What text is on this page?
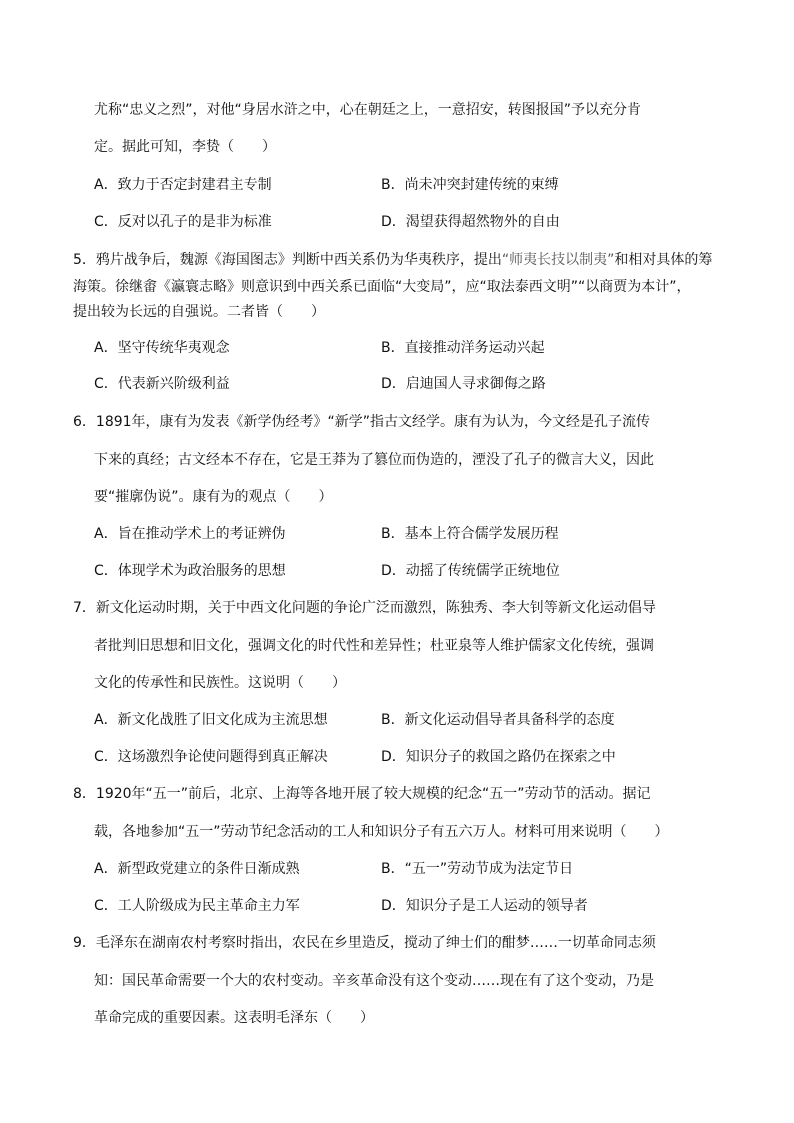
尤称“忠义之烈”，对他“身居水浒之中，心在朝廷之上，一意招安，转图报国”予以充分肯
定。据此可知，李贽（　　）
A．致力于否定封建君主专制	B．尚未冲突封建传统的束缚
C．反对以孔子的是非为标准	D．渴望获得超然物外的自由
5．鸦片战争后，魏源《海国图志》判断中西关系仍为华夷秩序，提出“师夷长技以制夷”和相对具体的筹
海策。徐继畬《瀛寰志略》则意识到中西关系已面临“大变局”，应“取法泰西文明”“以商贾为本计”，
提出较为长远的自强说。二者皆（　　）
A．坚守传统华夷观念	B．直接推动洋务运动兴起
C．代表新兴阶级利益	D．启迪国人寻求御侮之路
6．1891年，康有为发表《新学伪经考》“新学”指古文经学。康有为认为，今文经是孔子流传
下来的真经；古文经本不存在，它是王莽为了篡位而伪造的，湮没了孔子的微言大义，因此
要“摧廓伪说”。康有为的观点（　　）
A．旨在推动学术上的考证辨伪	B．基本上符合儒学发展历程
C．体现学术为政治服务的思想	D．动摇了传统儒学正统地位
7．新文化运动时期，关于中西文化问题的争论广泛而激烈，陈独秀、李大钊等新文化运动倡导
者批判旧思想和旧文化，强调文化的时代性和差异性；杜亚泉等人维护儒家文化传统，强调
文化的传承性和民族性。这说明（　　）
A．新文化战胜了旧文化成为主流思想	B．新文化运动倡导者具备科学的态度
C．这场激烈争论使问题得到真正解决	D．知识分子的救国之路仍在探索之中
8．1920年“五一”前后，北京、上海等各地开展了较大规模的纪念“五一”劳动节的活动。据记
载，各地参加“五一”劳动节纪念活动的工人和知识分子有五六万人。材料可用来说明（　　）
A．新型政党建立的条件日渐成熟	B．“五一”劳动节成为法定节日
C．工人阶级成为民主革命主力军	D．知识分子是工人运动的领导者
9．毛泽东在湖南农村考察时指出，农民在乡里造反，搅动了绅士们的酣梦……一切革命同志须
知：国民革命需要一个大的农村变动。辛亥革命没有这个变动……现在有了这个变动，乃是
革命完成的重要因素。这表明毛泽东（　　）
